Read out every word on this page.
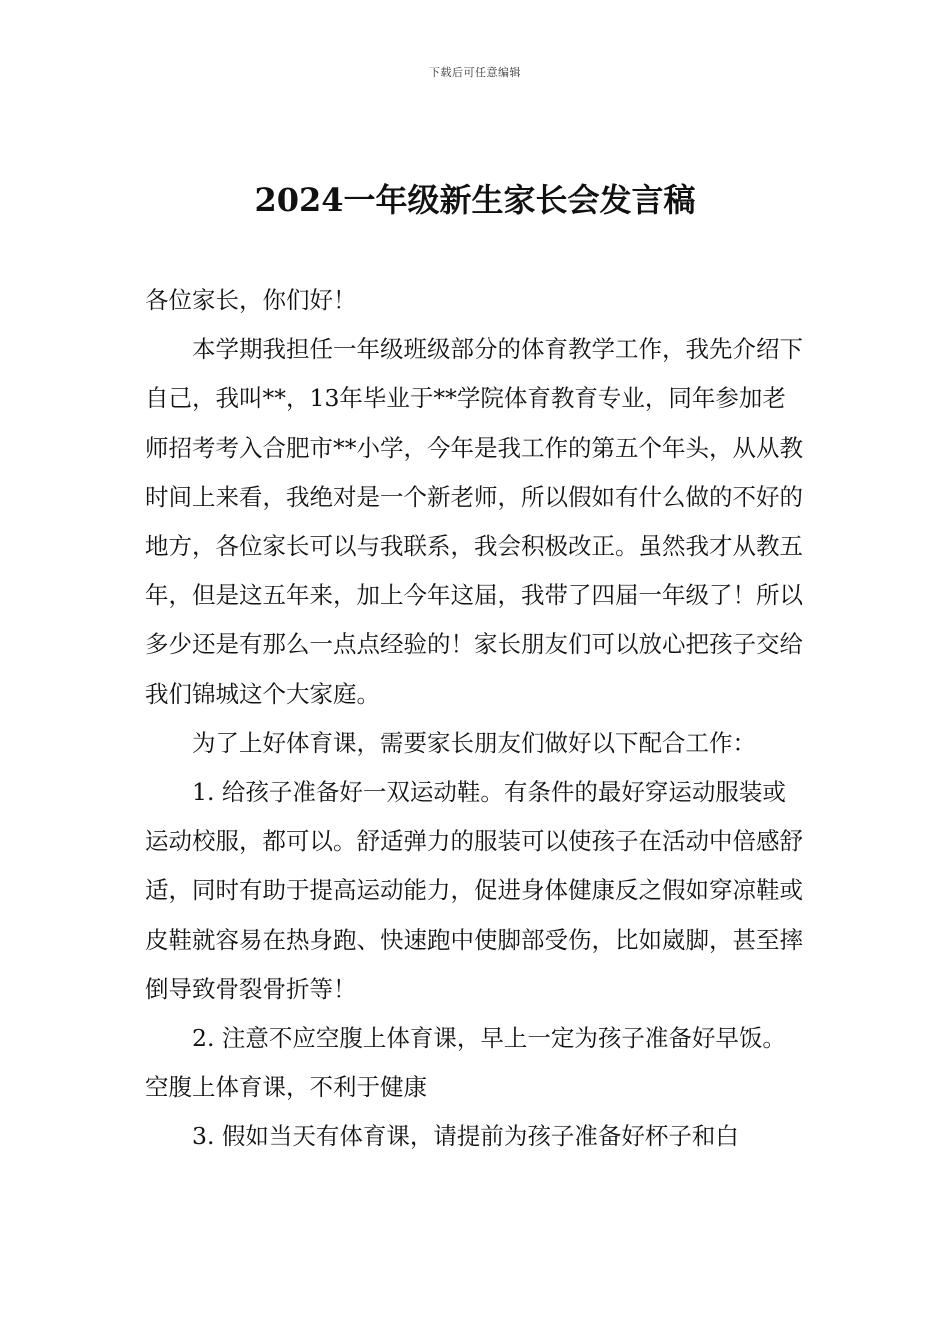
下载后可任意编辑
2024一年级新生家长会发言稿

各位家长，你们好！

本学期我担任一年级班级部分的体育教学工作，我先介绍下自己，我叫**，13年毕业于**学院体育教育专业，同年参加老师招考考入合肥市**小学，今年是我工作的第五个年头，从从教时间上来看，我绝对是一个新老师，所以假如有什么做的不好的地方，各位家长可以与我联系，我会积极改正。虽然我才从教五年，但是这五年来，加上今年这届，我带了四届一年级了！所以多少还是有那么一点点经验的！家长朋友们可以放心把孩子交给我们锦城这个大家庭。

为了上好体育课，需要家长朋友们做好以下配合工作：

1. 给孩子准备好一双运动鞋。有条件的最好穿运动服装或运动校服，都可以。舒适弹力的服装可以使孩子在活动中倍感舒适，同时有助于提高运动能力，促进身体健康反之假如穿凉鞋或皮鞋就容易在热身跑、快速跑中使脚部受伤，比如崴脚，甚至摔倒导致骨裂骨折等！

2. 注意不应空腹上体育课，早上一定为孩子准备好早饭。空腹上体育课，不利于健康

3. 假如当天有体育课，请提前为孩子准备好杯子和白
